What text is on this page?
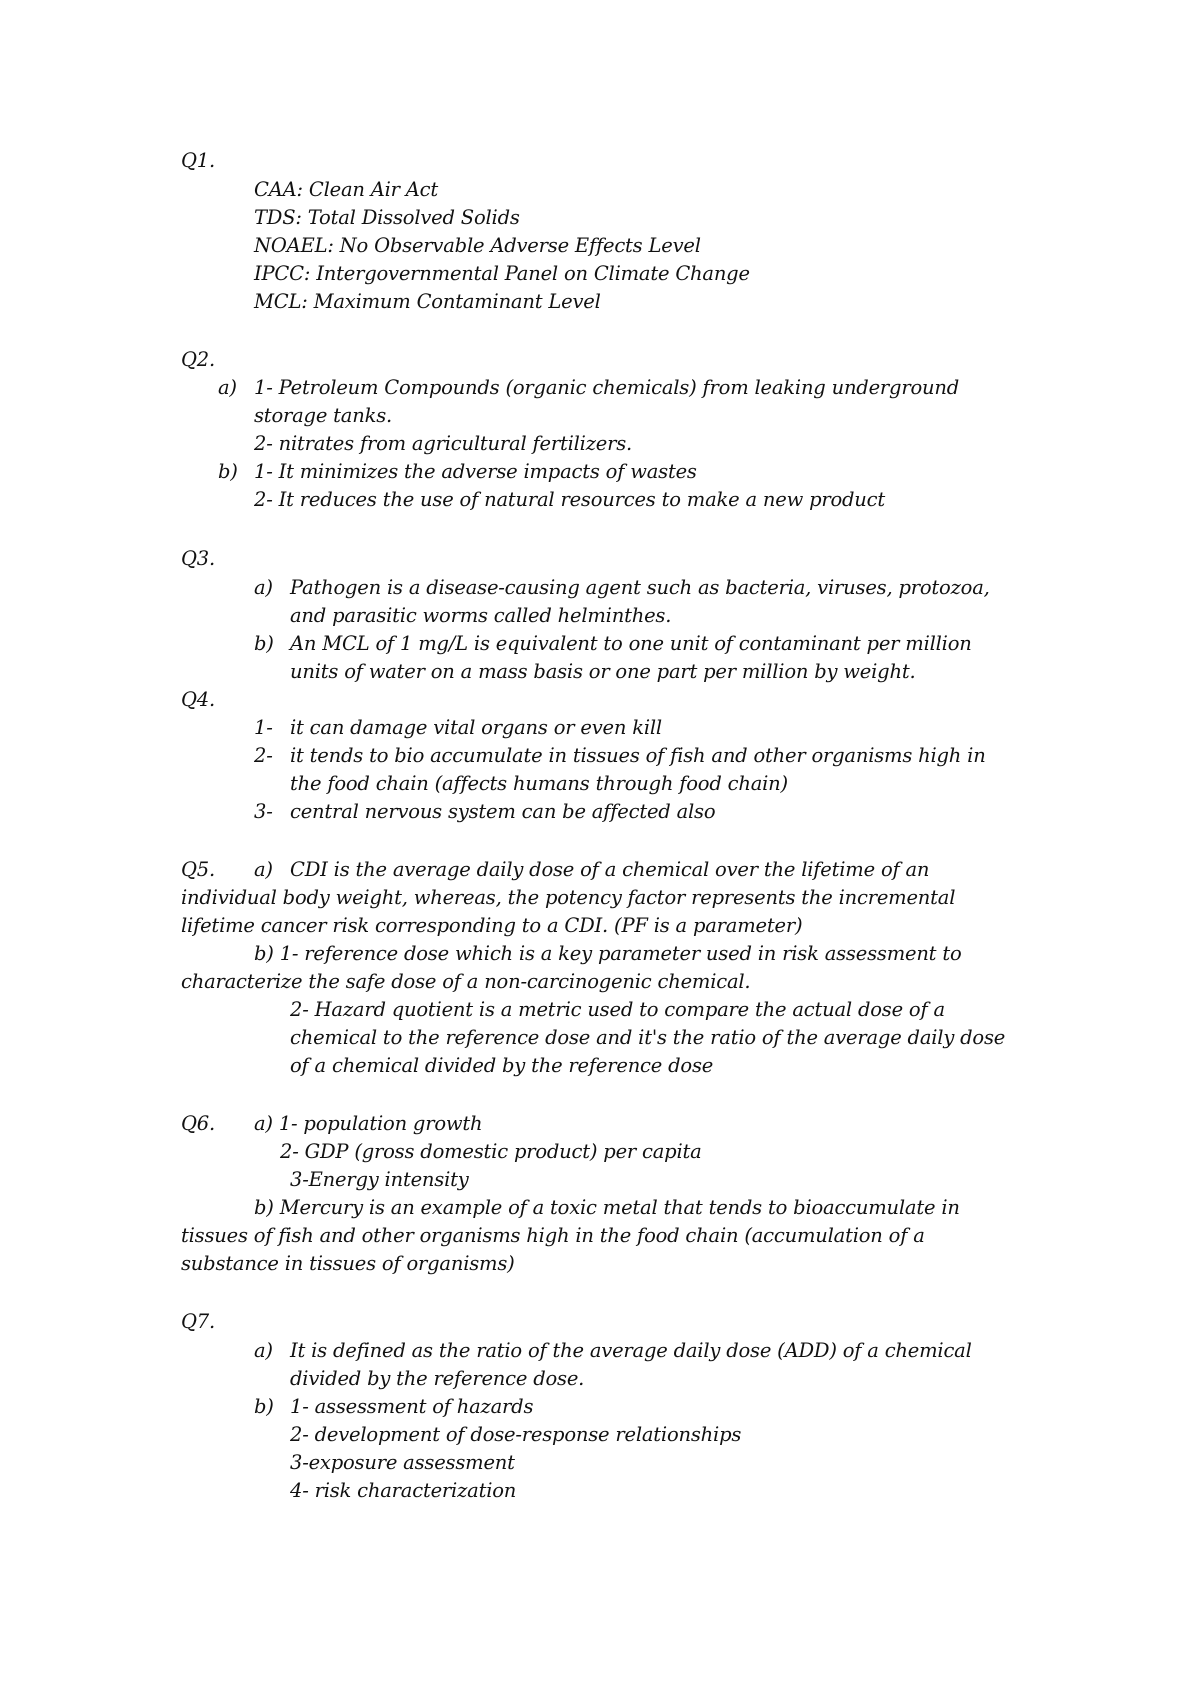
Q1.

CAA: Clean Air Act

TDS: Total Dissolved Solids

NOAEL: No Observable Adverse Effects Level

IPCC: Intergovernmental Panel on Climate Change

MCL: Maximum Contaminant Level

Q2.

a) 1- Petroleum Compounds (organic chemicals) from leaking underground

storage tanks.

2- nitrates from agricultural fertilizers.

b) 1- It minimizes the adverse impacts of wastes

2- It reduces the use of natural resources to make a new product

Q3.

a) Pathogen is a disease-causing agent such as bacteria, viruses, protozoa,

and parasitic worms called helminthes.

b) An MCL of 1 mg/L is equivalent to one unit of contaminant per million

units of water on a mass basis or one part per million by weight.

Q4.

1- it can damage vital organs or even kill

2- it tends to bio accumulate in tissues of fish and other organisms high in

the food chain (affects humans through food chain)

3- central nervous system can be affected also

Q5. a) CDI is the average daily dose of a chemical over the lifetime of an

individual body weight, whereas, the potency factor represents the incremental

lifetime cancer risk corresponding to a CDI. (PF is a parameter)

b) 1- reference dose which is a key parameter used in risk assessment to

characterize the safe dose of a non-carcinogenic chemical.

2- Hazard quotient is a metric used to compare the actual dose of a

chemical to the reference dose and it's the ratio of the average daily dose

of a chemical divided by the reference dose

Q6. a) 1- population growth

2- GDP (gross domestic product) per capita

3-Energy intensity

b) Mercury is an example of a toxic metal that tends to bioaccumulate in

tissues of fish and other organisms high in the food chain (accumulation of a

substance in tissues of organisms)

Q7.

a) It is defined as the ratio of the average daily dose (ADD) of a chemical

divided by the reference dose.

b) 1- assessment of hazards

2- development of dose-response relationships

3-exposure assessment

4- risk characterization
